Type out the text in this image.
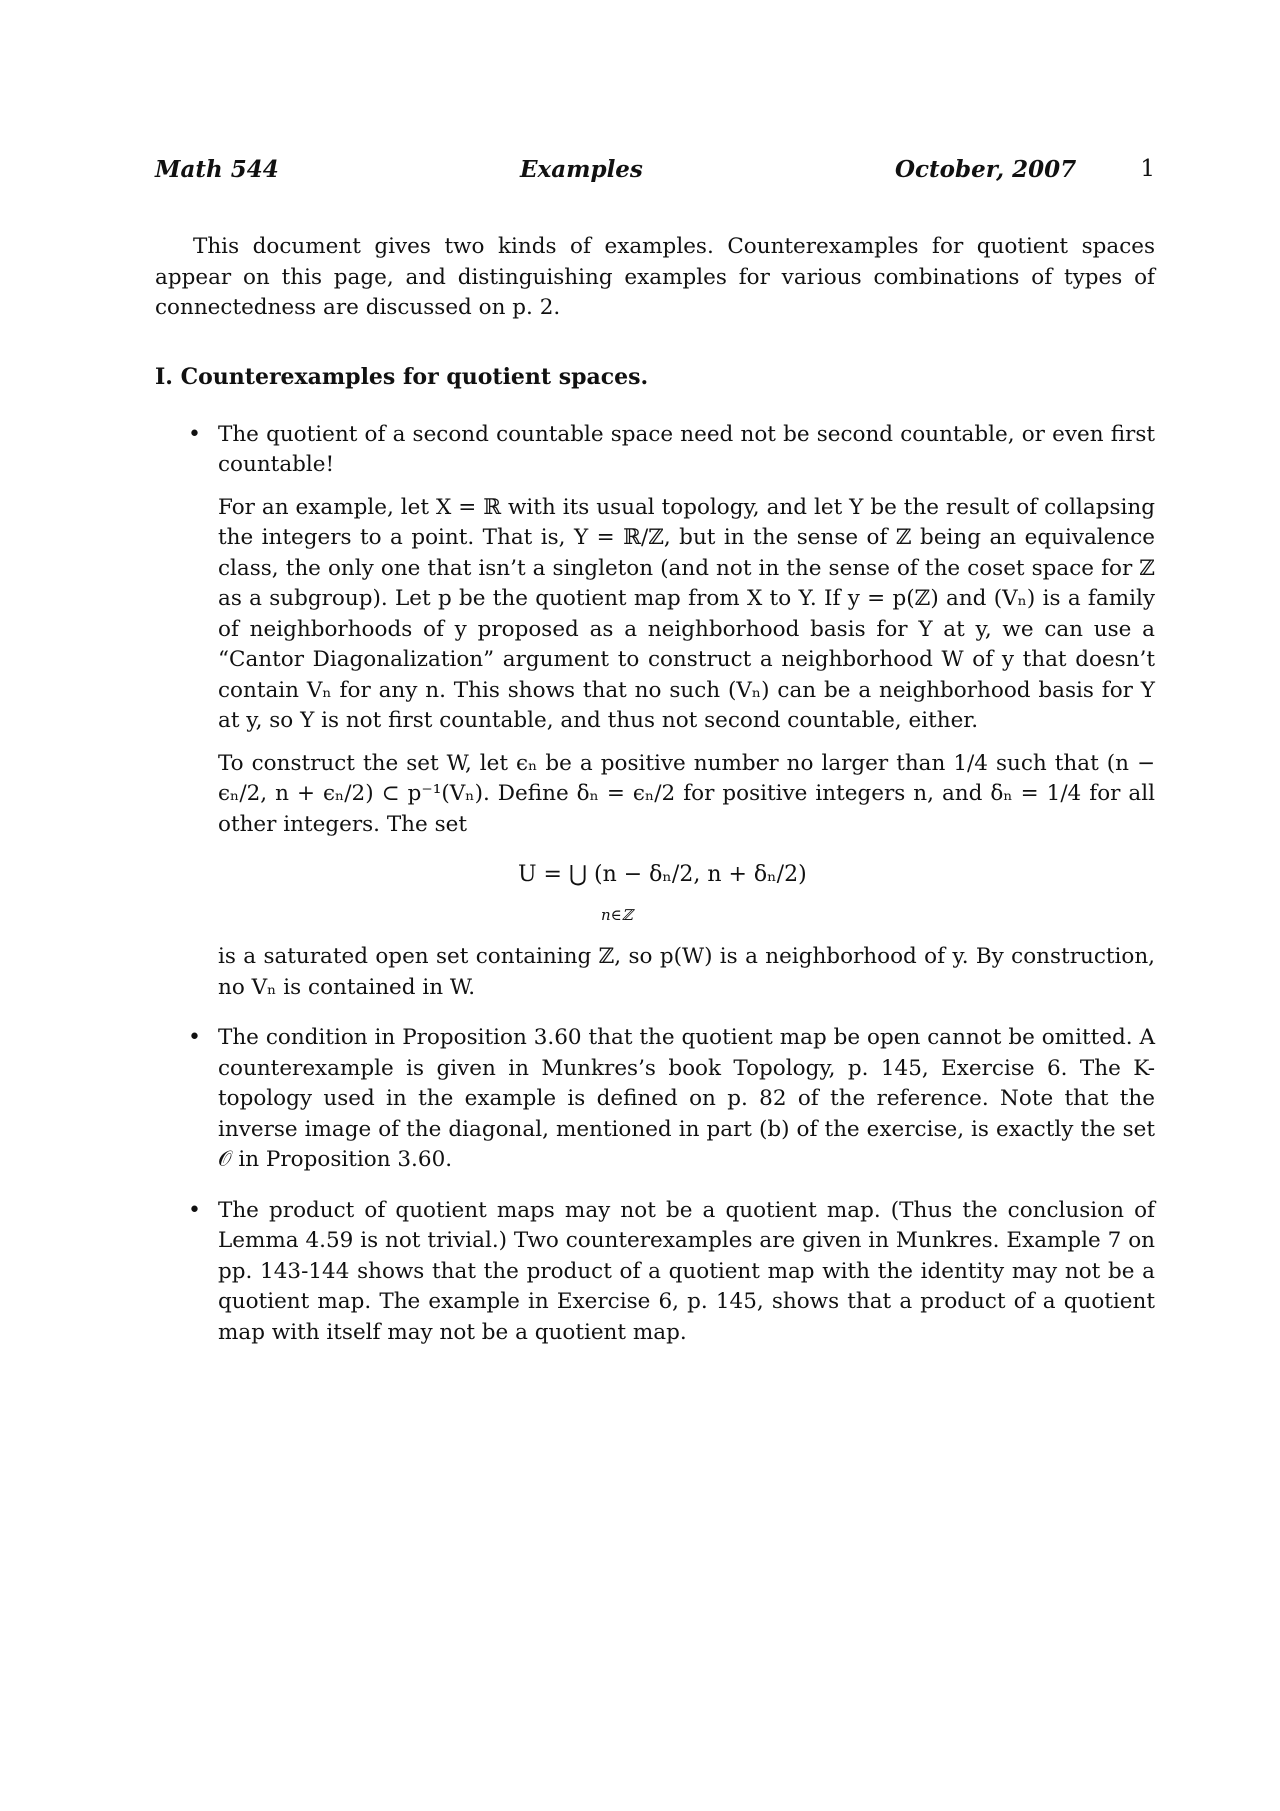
Math 544	Examples	October, 2007	1

This document gives two kinds of examples. Counterexamples for quotient spaces appear on this page, and distinguishing examples for various combinations of types of connectedness are discussed on p. 2.

I. Counterexamples for quotient spaces.

• The quotient of a second countable space need not be second countable, or even first countable!

For an example, let X = ℝ with its usual topology, and let Y be the result of collapsing the integers to a point. That is, Y = ℝ/ℤ, but in the sense of ℤ being an equivalence class, the only one that isn’t a singleton (and not in the sense of the coset space for ℤ as a subgroup). Let p be the quotient map from X to Y. If y = p(ℤ) and (Vₙ) is a family of neighborhoods of y proposed as a neighborhood basis for Y at y, we can use a “Cantor Diagonalization” argument to construct a neighborhood W of y that doesn’t contain Vₙ for any n. This shows that no such (Vₙ) can be a neighborhood basis for Y at y, so Y is not first countable, and thus not second countable, either.

To construct the set W, let ϵₙ be a positive number no larger than 1/4 such that (n − ϵₙ/2, n + ϵₙ/2) ⊂ p⁻¹(Vₙ). Define δₙ = ϵₙ/2 for positive integers n, and δₙ = 1/4 for all other integers. The set

U = ⋃ (n − δₙ/2, n + δₙ/2)
n∈ℤ

is a saturated open set containing ℤ, so p(W) is a neighborhood of y. By construction, no Vₙ is contained in W.

• The condition in Proposition 3.60 that the quotient map be open cannot be omitted. A counterexample is given in Munkres’s book Topology, p. 145, Exercise 6. The K-topology used in the example is defined on p. 82 of the reference. Note that the inverse image of the diagonal, mentioned in part (b) of the exercise, is exactly the set 𝒪 in Proposition 3.60.

• The product of quotient maps may not be a quotient map. (Thus the conclusion of Lemma 4.59 is not trivial.) Two counterexamples are given in Munkres. Example 7 on pp. 143-144 shows that the product of a quotient map with the identity may not be a quotient map. The example in Exercise 6, p. 145, shows that a product of a quotient map with itself may not be a quotient map.
